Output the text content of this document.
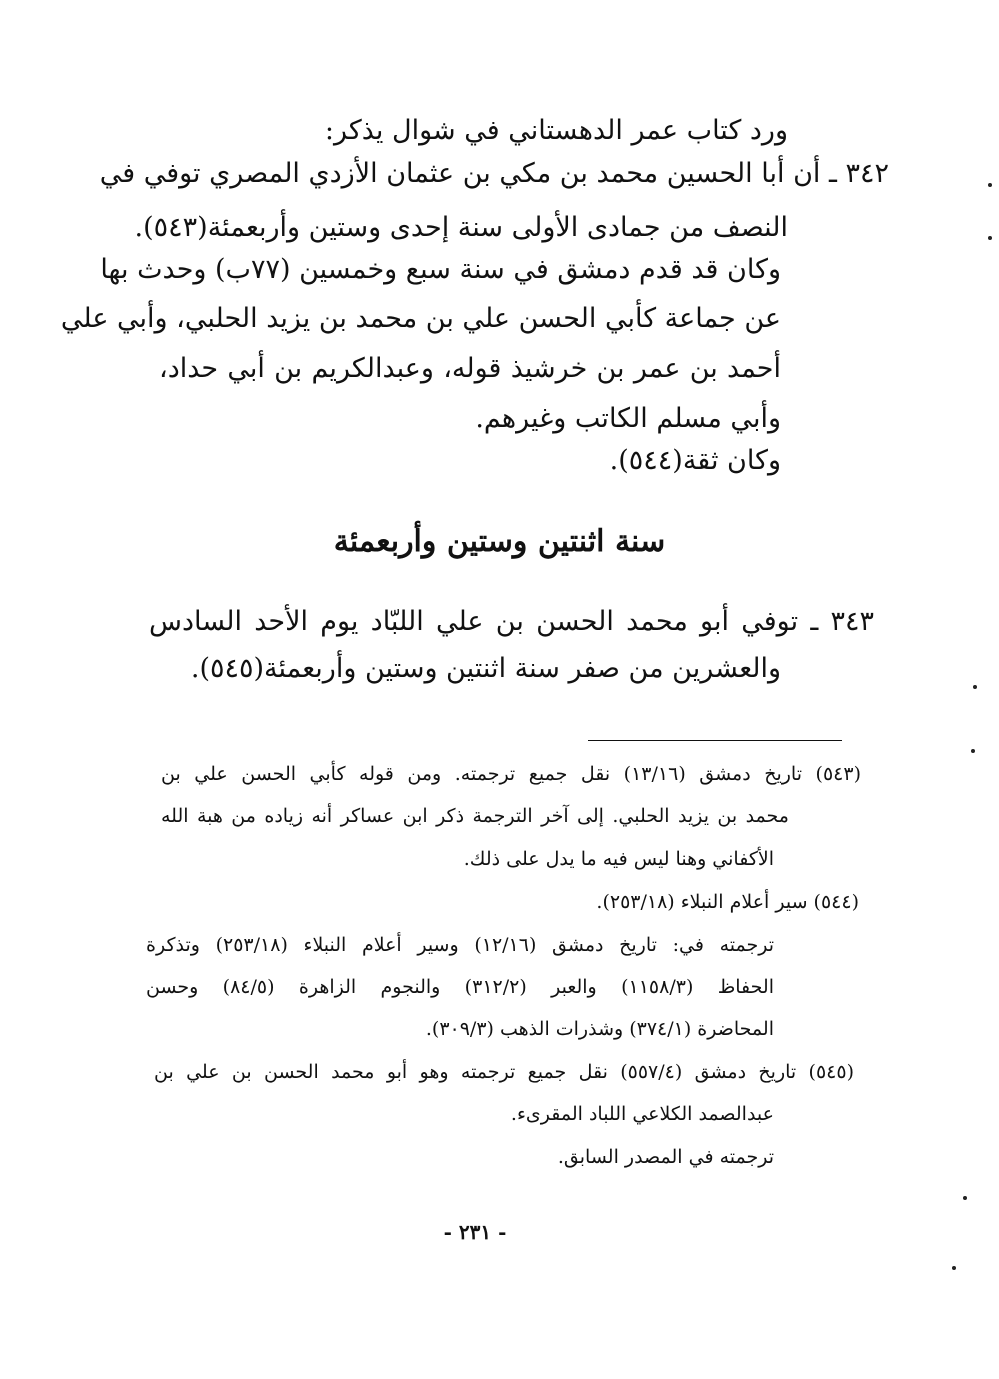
ورد كتاب عمر الدهستاني في شوال يذكر:
٣٤٢ ـ أن أبا الحسين محمد بن مكي بن عثمان الأزدي المصري توفي في
النصف من جمادى الأولى سنة إحدى وستين وأربعمئة(٥٤٣).
وكان قد قدم دمشق في سنة سبع وخمسين (٧٧ب) وحدث بها
عن جماعة كأبي الحسن علي بن محمد بن يزيد الحلبي، وأبي علي
أحمد بن عمر بن خرشيذ قوله، وعبدالكريم بن أبي حداد،
وأبي مسلم الكاتب وغيرهم.
وكان ثقة(٥٤٤).
سنة اثنتين وستين وأربعمئة
٣٤٣ ـ توفي أبو محمد الحسن بن علي اللبّاد يوم الأحد السادس
والعشرين من صفر سنة اثنتين وستين وأربعمئة(٥٤٥).
(٥٤٣) تاريخ دمشق (١٣/١٦) نقل جميع ترجمته. ومن قوله كأبي الحسن علي بن
محمد بن يزيد الحلبي. إلى آخر الترجمة ذكر ابن عساكر أنه زياده من هبة الله
الأكفاني وهنا ليس فيه ما يدل على ذلك.
(٥٤٤) سير أعلام النبلاء (٢٥٣/١٨).
ترجمته في: تاريخ دمشق (١٢/١٦) وسير أعلام النبلاء (٢٥٣/١٨) وتذكرة
الحفاظ (١١٥٨/٣) والعبر (٣١٢/٢) والنجوم الزاهرة (٨٤/٥) وحسن
المحاضرة (٣٧٤/١) وشذرات الذهب (٣٠٩/٣).
(٥٤٥) تاريخ دمشق (٥٥٧/٤) نقل جميع ترجمته وهو أبو محمد الحسن بن علي بن
عبدالصمد الكلاعي اللباد المقرىء.
ترجمته في المصدر السابق.
- ٢٣١ -
